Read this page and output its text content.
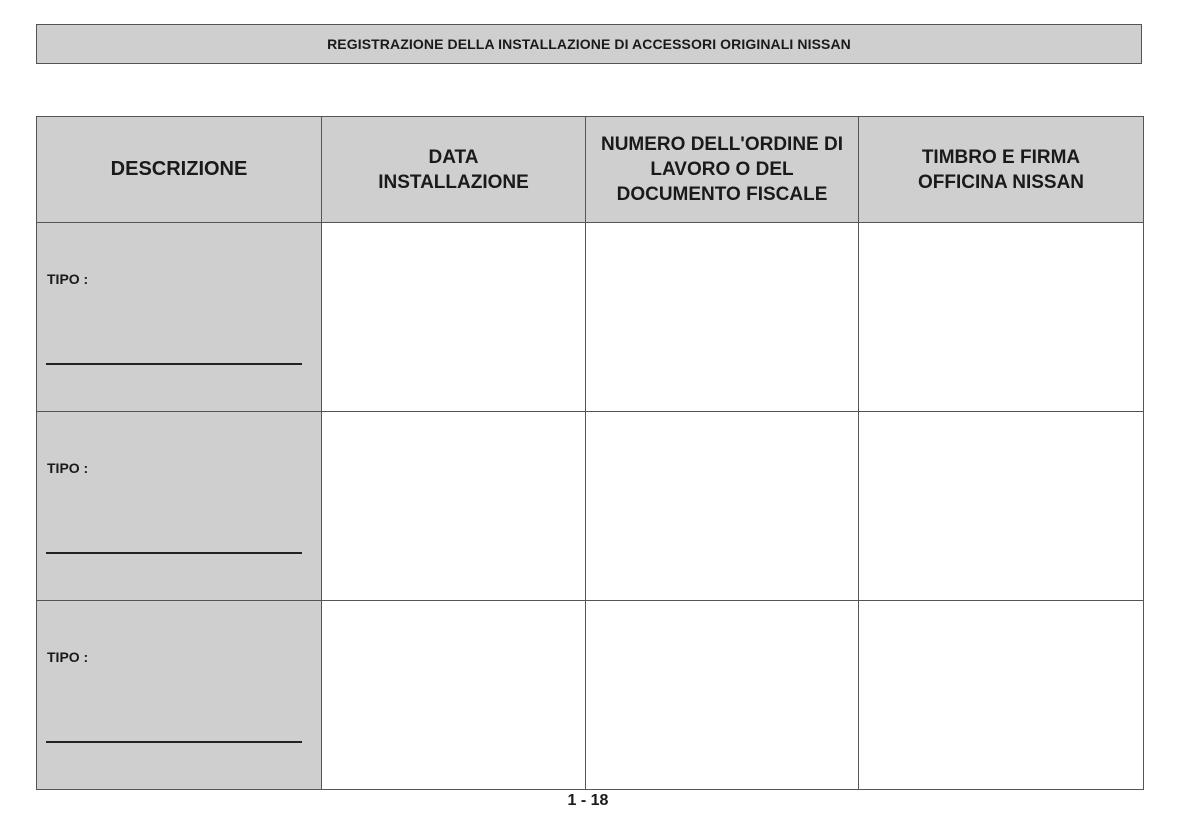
REGISTRAZIONE DELLA INSTALLAZIONE DI ACCESSORI ORIGINALI NISSAN
DESCRIZIONE	DATA INSTALLAZIONE	NUMERO DELL'ORDINE DI LAVORO O DEL DOCUMENTO FISCALE	TIMBRO E FIRMA OFFICINA NISSAN

TIPO :			

TIPO :			

TIPO :			

1 - 18
